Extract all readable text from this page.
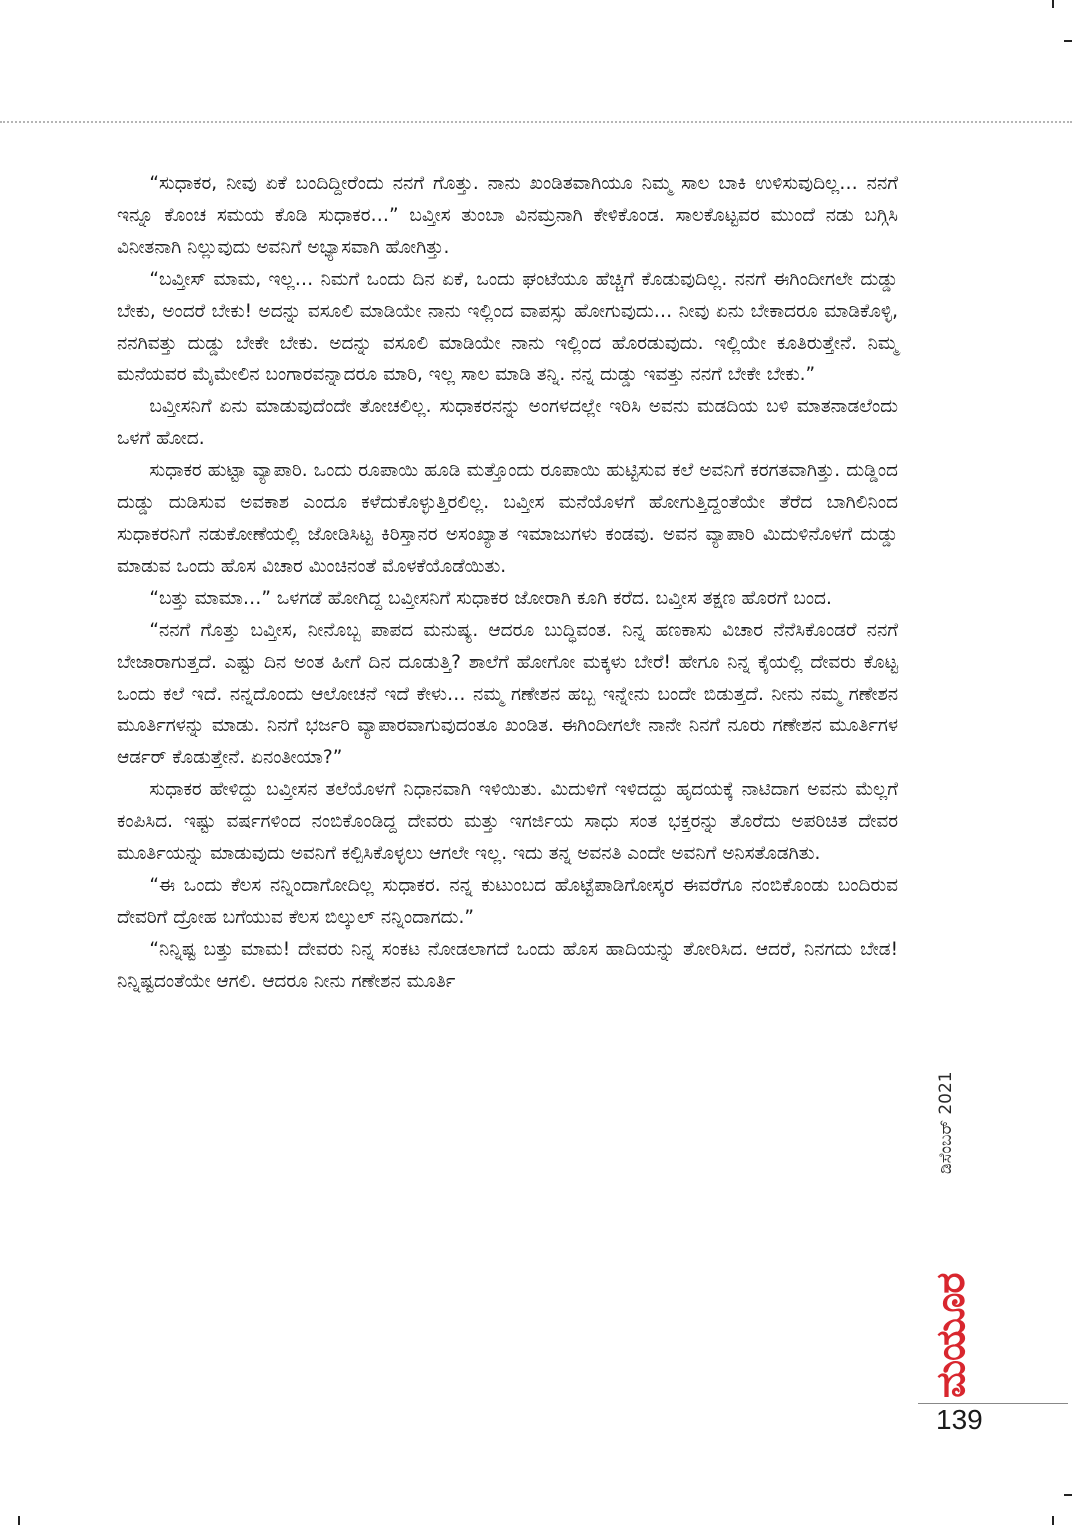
“ಸುಧಾಕರ, ನೀವು ಏಕೆ ಬಂದಿದ್ದೀರೆಂದು ನನಗೆ ಗೊತ್ತು. ನಾನು ಖಂಡಿತವಾಗಿಯೂ ನಿಮ್ಮ ಸಾಲ ಬಾಕಿ ಉಳಿಸುವುದಿಲ್ಲ… ನನಗೆ ಇನ್ನೂ ಕೊಂಚ ಸಮಯ ಕೊಡಿ ಸುಧಾಕರ…” ಬವ್ತೀಸ ತುಂಬಾ ವಿನಮ್ರನಾಗಿ ಕೇಳಿಕೊಂಡ. ಸಾಲಕೊಟ್ಟವರ ಮುಂದೆ ನಡು ಬಗ್ಗಿಸಿ ವಿನೀತನಾಗಿ ನಿಲ್ಲುವುದು ಅವನಿಗೆ ಅಭ್ಯಾಸವಾಗಿ ಹೋಗಿತ್ತು.

“ಬವ್ತೀಸ್ ಮಾಮ, ಇಲ್ಲ… ನಿಮಗೆ ಒಂದು ದಿನ ಏಕೆ, ಒಂದು ಘಂಟೆಯೂ ಹೆಚ್ಚಿಗೆ ಕೊಡುವುದಿಲ್ಲ. ನನಗೆ ಈಗಿಂದೀಗಲೇ ದುಡ್ಡು ಬೇಕು, ಅಂದರೆ ಬೇಕು! ಅದನ್ನು ವಸೂಲಿ ಮಾಡಿಯೇ ನಾನು ಇಲ್ಲಿಂದ ವಾಪಸ್ಸು ಹೋಗುವುದು… ನೀವು ಏನು ಬೇಕಾದರೂ ಮಾಡಿಕೊಳ್ಳಿ, ನನಗಿವತ್ತು ದುಡ್ಡು ಬೇಕೇ ಬೇಕು. ಅದನ್ನು ವಸೂಲಿ ಮಾಡಿಯೇ ನಾನು ಇಲ್ಲಿಂದ ಹೊರಡುವುದು. ಇಲ್ಲಿಯೇ ಕೂತಿರುತ್ತೇನೆ. ನಿಮ್ಮ ಮನೆಯವರ ಮೈಮೇಲಿನ ಬಂಗಾರವನ್ನಾದರೂ ಮಾರಿ, ಇಲ್ಲ ಸಾಲ ಮಾಡಿ ತನ್ನಿ. ನನ್ನ ದುಡ್ಡು ಇವತ್ತು ನನಗೆ ಬೇಕೇ ಬೇಕು.”

ಬವ್ತೀಸನಿಗೆ ಏನು ಮಾಡುವುದೆಂದೇ ತೋಚಲಿಲ್ಲ. ಸುಧಾಕರನನ್ನು ಅಂಗಳದಲ್ಲೇ ಇರಿಸಿ ಅವನು ಮಡದಿಯ ಬಳಿ ಮಾತನಾಡಲೆಂದು ಒಳಗೆ ಹೋದ.

ಸುಧಾಕರ ಹುಟ್ಟಾ ವ್ಯಾಪಾರಿ. ಒಂದು ರೂಪಾಯಿ ಹೂಡಿ ಮತ್ತೊಂದು ರೂಪಾಯಿ ಹುಟ್ಟಿಸುವ ಕಲೆ ಅವನಿಗೆ ಕರಗತವಾಗಿತ್ತು. ದುಡ್ಡಿಂದ ದುಡ್ಡು ದುಡಿಸುವ ಅವಕಾಶ ಎಂದೂ ಕಳೆದುಕೊಳ್ಳುತ್ತಿರಲಿಲ್ಲ. ಬವ್ತೀಸ ಮನೆಯೊಳಗೆ ಹೋಗುತ್ತಿದ್ದಂತೆಯೇ ತೆರೆದ ಬಾಗಿಲಿನಿಂದ ಸುಧಾಕರನಿಗೆ ನಡುಕೋಣೆಯಲ್ಲಿ ಜೋಡಿಸಿಟ್ಟ ಕಿರಿಸ್ತಾನರ ಅಸಂಖ್ಯಾತ ಇಮಾಜುಗಳು ಕಂಡವು. ಅವನ ವ್ಯಾಪಾರಿ ಮಿದುಳಿನೊಳಗೆ ದುಡ್ಡು ಮಾಡುವ ಒಂದು ಹೊಸ ವಿಚಾರ ಮಿಂಚಿನಂತೆ ಮೊಳಕೆಯೊಡೆಯಿತು.

“ಬತ್ತು ಮಾಮಾ…” ಒಳಗಡೆ ಹೋಗಿದ್ದ ಬವ್ತೀಸನಿಗೆ ಸುಧಾಕರ ಜೋರಾಗಿ ಕೂಗಿ ಕರೆದ. ಬವ್ತೀಸ ತಕ್ಷಣ ಹೊರಗೆ ಬಂದ.

“ನನಗೆ ಗೊತ್ತು ಬವ್ತೀಸ, ನೀನೊಬ್ಬ ಪಾಪದ ಮನುಷ್ಯ. ಆದರೂ ಬುದ್ಧಿವಂತ. ನಿನ್ನ ಹಣಕಾಸು ವಿಚಾರ ನೆನೆಸಿಕೊಂಡರೆ ನನಗೆ ಬೇಜಾರಾಗುತ್ತದೆ. ಎಷ್ಟು ದಿನ ಅಂತ ಹೀಗೆ ದಿನ ದೂಡುತ್ತಿ? ಶಾಲೆಗೆ ಹೋಗೋ ಮಕ್ಕಳು ಬೇರೆ! ಹೇಗೂ ನಿನ್ನ ಕೈಯಲ್ಲಿ ದೇವರು ಕೊಟ್ಟ ಒಂದು ಕಲೆ ಇದೆ. ನನ್ನದೊಂದು ಆಲೋಚನೆ ಇದೆ ಕೇಳು… ನಮ್ಮ ಗಣೇಶನ ಹಬ್ಬ ಇನ್ನೇನು ಬಂದೇ ಬಿಡುತ್ತದೆ. ನೀನು ನಮ್ಮ ಗಣೇಶನ ಮೂರ್ತಿಗಳನ್ನು ಮಾಡು. ನಿನಗೆ ಭರ್ಜರಿ ವ್ಯಾಪಾರವಾಗುವುದಂತೂ ಖಂಡಿತ. ಈಗಿಂದೀಗಲೇ ನಾನೇ ನಿನಗೆ ನೂರು ಗಣೇಶನ ಮೂರ್ತಿಗಳ ಆರ್ಡರ್ ಕೊಡುತ್ತೇನೆ. ಏನಂತೀಯಾ?”

ಸುಧಾಕರ ಹೇಳಿದ್ದು ಬವ್ತೀಸನ ತಲೆಯೊಳಗೆ ನಿಧಾನವಾಗಿ ಇಳಿಯಿತು. ಮಿದುಳಿಗೆ ಇಳಿದದ್ದು ಹೃದಯಕ್ಕೆ ನಾಟಿದಾಗ ಅವನು ಮೆಲ್ಲಗೆ ಕಂಪಿಸಿದ. ಇಷ್ಟು ವರ್ಷಗಳಿಂದ ನಂಬಿಕೊಂಡಿದ್ದ ದೇವರು ಮತ್ತು ಇಗರ್ಜಿಯ ಸಾಧು ಸಂತ ಭಕ್ತರನ್ನು ತೊರೆದು ಅಪರಿಚಿತ ದೇವರ ಮೂರ್ತಿಯನ್ನು ಮಾಡುವುದು ಅವನಿಗೆ ಕಲ್ಪಿಸಿಕೊಳ್ಳಲು ಆಗಲೇ ಇಲ್ಲ. ಇದು ತನ್ನ ಅವನತಿ ಎಂದೇ ಅವನಿಗೆ ಅನಿಸತೊಡಗಿತು.

“ಈ ಒಂದು ಕೆಲಸ ನನ್ನಿಂದಾಗೋದಿಲ್ಲ ಸುಧಾಕರ. ನನ್ನ ಕುಟುಂಬದ ಹೊಟ್ಟೆಪಾಡಿಗೋಸ್ಕರ ಈವರೆಗೂ ನಂಬಿಕೊಂಡು ಬಂದಿರುವ ದೇವರಿಗೆ ದ್ರೋಹ ಬಗೆಯುವ ಕೆಲಸ ಬಿಲ್ಕುಲ್ ನನ್ನಿಂದಾಗದು.”

“ನಿನ್ನಿಷ್ಟ ಬತ್ತು ಮಾಮ! ದೇವರು ನಿನ್ನ ಸಂಕಟ ನೋಡಲಾಗದೆ ಒಂದು ಹೊಸ ಹಾದಿಯನ್ನು ತೋರಿಸಿದ. ಆದರೆ, ನಿನಗದು ಬೇಡ! ನಿನ್ನಿಷ್ಟದಂತೆಯೇ ಆಗಲಿ. ಆದರೂ ನೀನು ಗಣೇಶನ ಮೂರ್ತಿ

ಡಿಸೆಂಬರ್ 2021
ಮಯೂರ
139
